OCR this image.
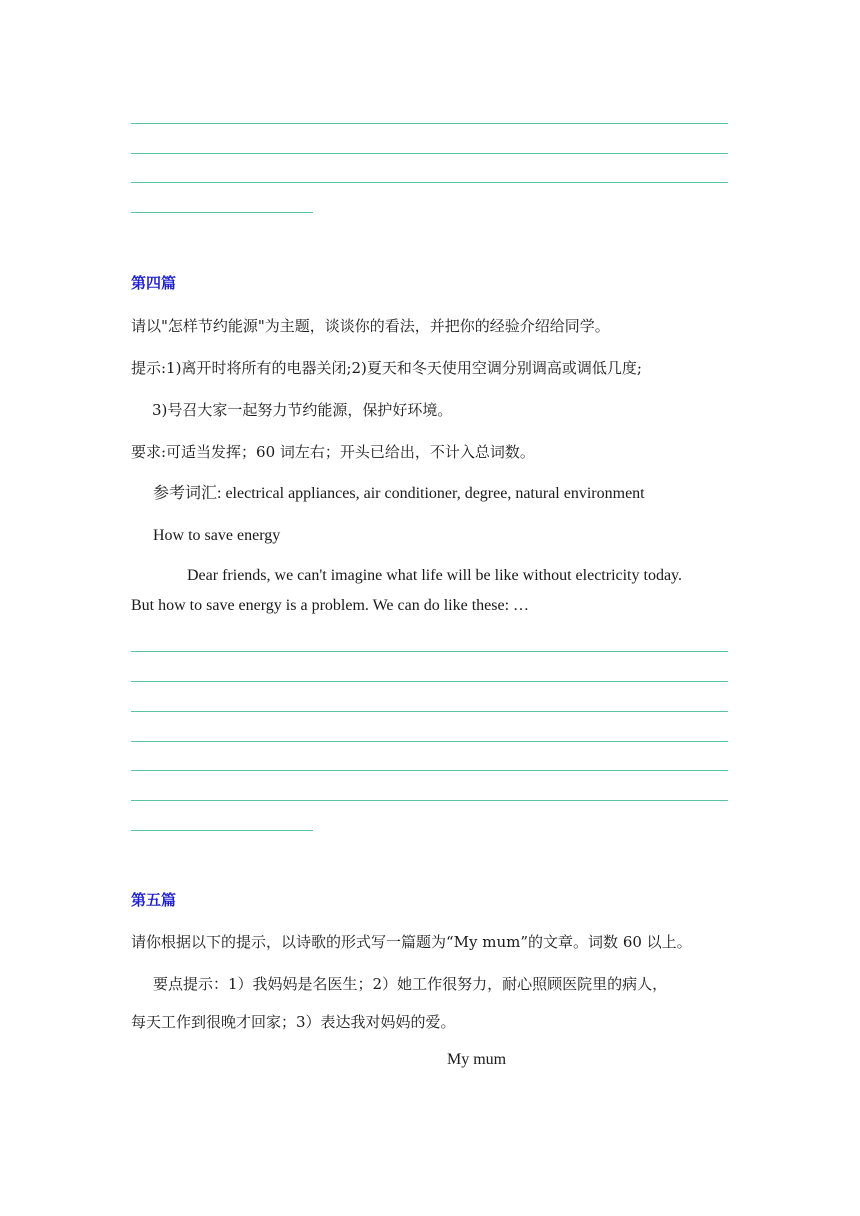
第四篇
请以"怎样节约能源"为主题，谈谈你的看法，并把你的经验介绍给同学。
提示:1)离开时将所有的电器关闭;2)夏天和冬天使用空调分别调高或调低几度;
3)号召大家一起努力节约能源，保护好环境。
要求:可适当发挥；60 词左右；开头已给出，不计入总词数。
参考词汇: electrical appliances, air conditioner, degree, natural environment
How to save energy
Dear friends, we can't imagine what life will be like without electricity today.
But how to save energy is a problem. We can do like these: …
第五篇
请你根据以下的提示，以诗歌的形式写一篇题为“My mum”的文章。词数 60 以上。
要点提示：1）我妈妈是名医生；2）她工作很努力，耐心照顾医院里的病人，
每天工作到很晚才回家；3）表达我对妈妈的爱。
My mum
